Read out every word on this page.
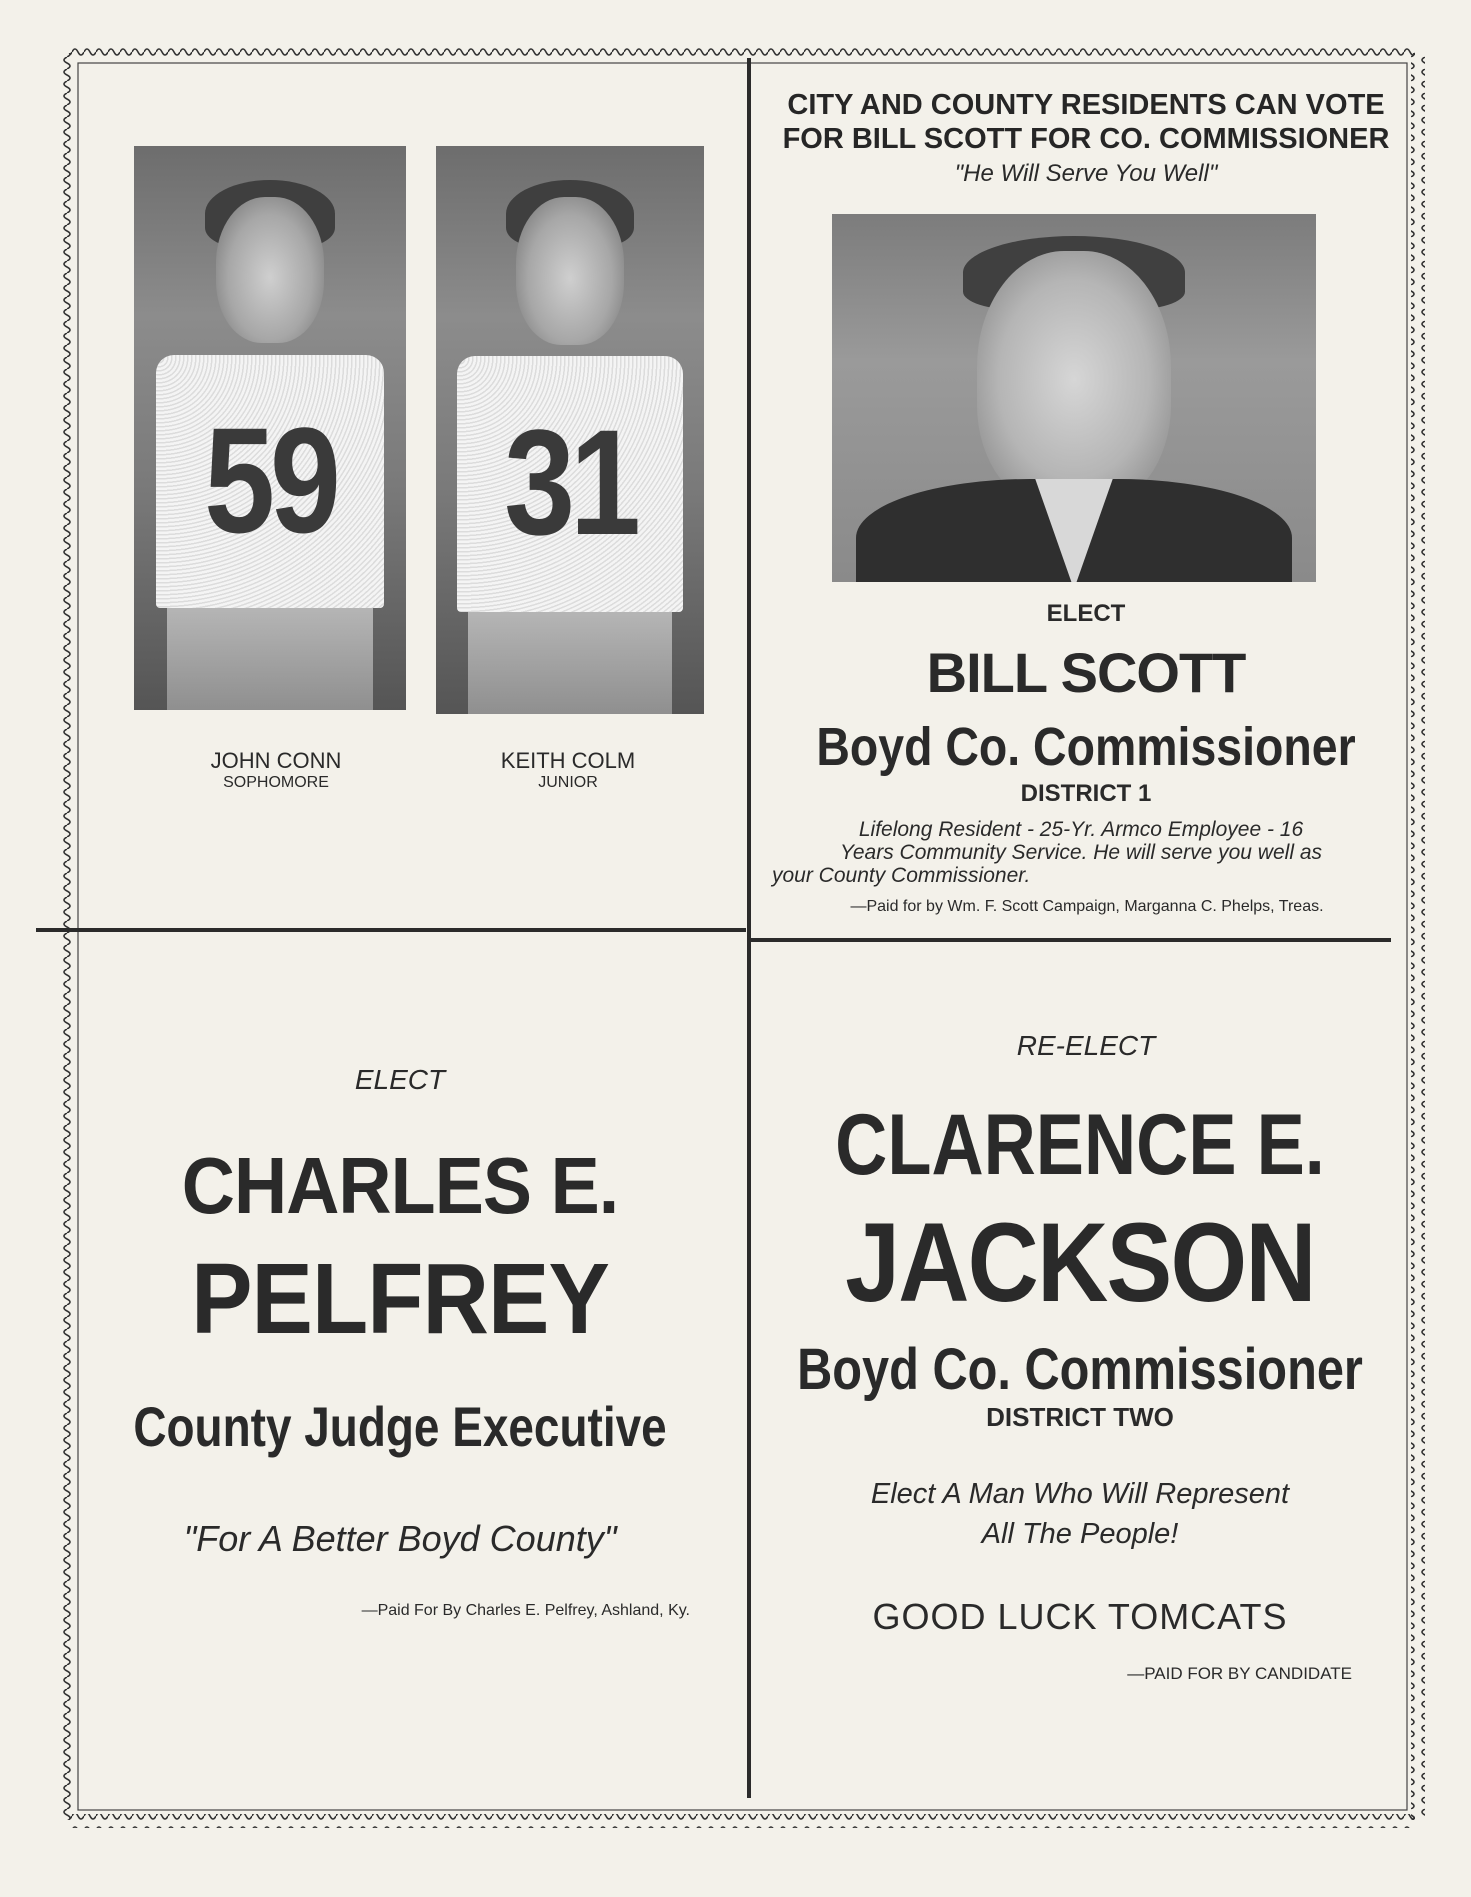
59	31
JOHN CONN
SOPHOMORE
KEITH COLM
JUNIOR
CITY AND COUNTY RESIDENTS CAN VOTE
FOR BILL SCOTT FOR CO. COMMISSIONER
"He Will Serve You Well"
ELECT
BILL SCOTT
Boyd Co. Commissioner
DISTRICT 1
Lifelong Resident - 25-Yr. Armco Employee - 16
Years Community Service. He will serve you well as
your County Commissioner.
—Paid for by Wm. F. Scott Campaign, Marganna C. Phelps, Treas.
ELECT
CHARLES E.
PELFREY
County Judge Executive
"For A Better Boyd County"
—Paid For By Charles E. Pelfrey, Ashland, Ky.
RE-ELECT
CLARENCE E.
JACKSON
Boyd Co. Commissioner
DISTRICT TWO
Elect A Man Who Will Represent
All The People!
GOOD LUCK TOMCATS
—PAID FOR BY CANDIDATE
